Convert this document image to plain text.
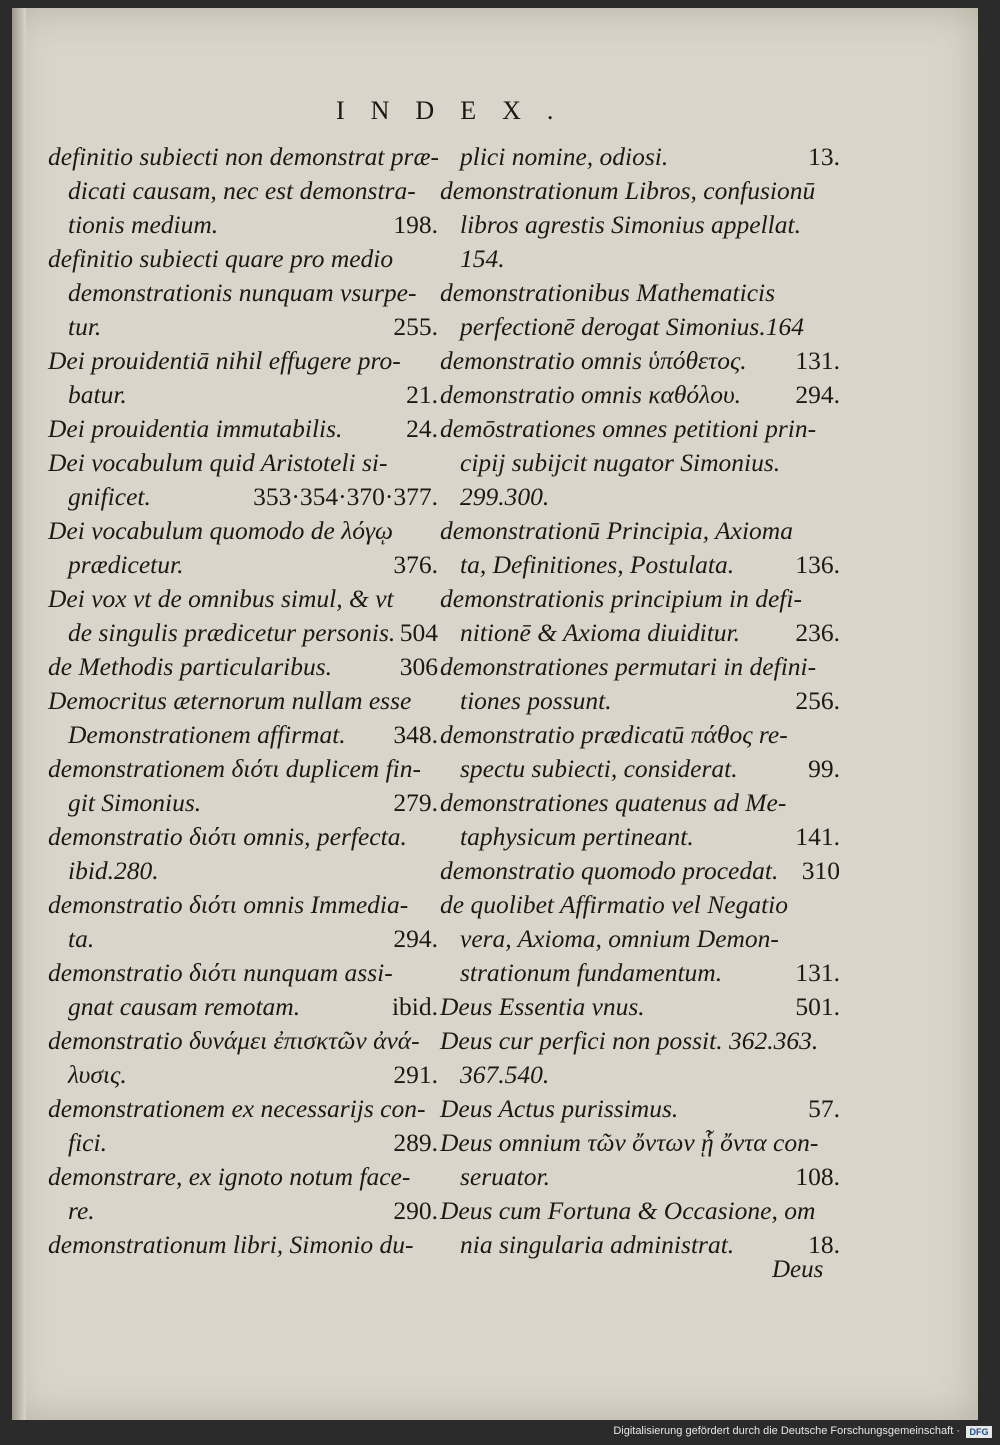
INDEX.
definitio subiecti non demonstrat præ-
dicati causam, nec est demonstra-
tionis medium.	198.
definitio subiecti quare pro medio
demonstrationis nunquam vsurpe-
tur.	255.
Dei prouidentiā nihil effugere pro-
batur.	21.
Dei prouidentia immutabilis. 24.
Dei vocabulum quid Aristoteli si-
gnificet.	353·354·370·377.
Dei vocabulum quomodo de λόγῳ
prædicetur.	376.
Dei vox vt de omnibus simul, & vt
de singulis prædicetur personis. 504
de Methodis particularibus.	306
Democritus æternorum nullam esse
Demonstrationem affirmat. 348.
demonstrationem διότι duplicem fin-
git Simonius.	279.
demonstratio διότι omnis, perfecta.
ibid.280.
demonstratio διότι omnis Immedia-
ta.	294.
demonstratio διότι nunquam assi-
gnat causam remotam.	ibid.
demonstratio δυνάμει ἐπισκτῶν ἀνά-
λυσις.	291.
demonstrationem ex necessarijs con-
fici.	289.
demonstrare, ex ignoto notum face-
re.	290.
demonstrationum libri, Simonio du-
plici nomine, odiosi.	13.
demonstrationum Libros, confusionū
libros agrestis Simonius appellat.
154.
demonstrationibus Mathematicis
perfectionē derogat Simonius.164
demonstratio omnis ὑπόθετος. 131.
demonstratio omnis καθόλου. 294.
demōstrationes omnes petitioni prin-
cipij subijcit nugator Simonius.
299.300.
demonstrationū Principia, Axioma
ta, Definitiones, Postulata. 136.
demonstrationis principium in defi-
nitionē & Axioma diuiditur. 236.
demonstrationes permutari in defini-
tiones possunt.	256.
demonstratio prædicatū πάθος re-
spectu subiecti, considerat.	99.
demonstrationes quatenus ad Me-
taphysicum pertineant.	141.
demonstratio quomodo procedat. 310
de quolibet Affirmatio vel Negatio
vera, Axioma, omnium Demon-
strationum fundamentum.	131.
Deus Essentia vnus.	501.
Deus cur perfici non possit. 362.363.
367.540.
Deus Actus purissimus.	57.
Deus omnium τῶν ὄντων ᾗ ὄντα con-
seruator.	108.
Deus cum Fortuna & Occasione, om
nia singularia administrat.	18.
Deus
Digitalisierung gefördert durch die Deutsche Forschungsgemeinschaft ·	DFG
